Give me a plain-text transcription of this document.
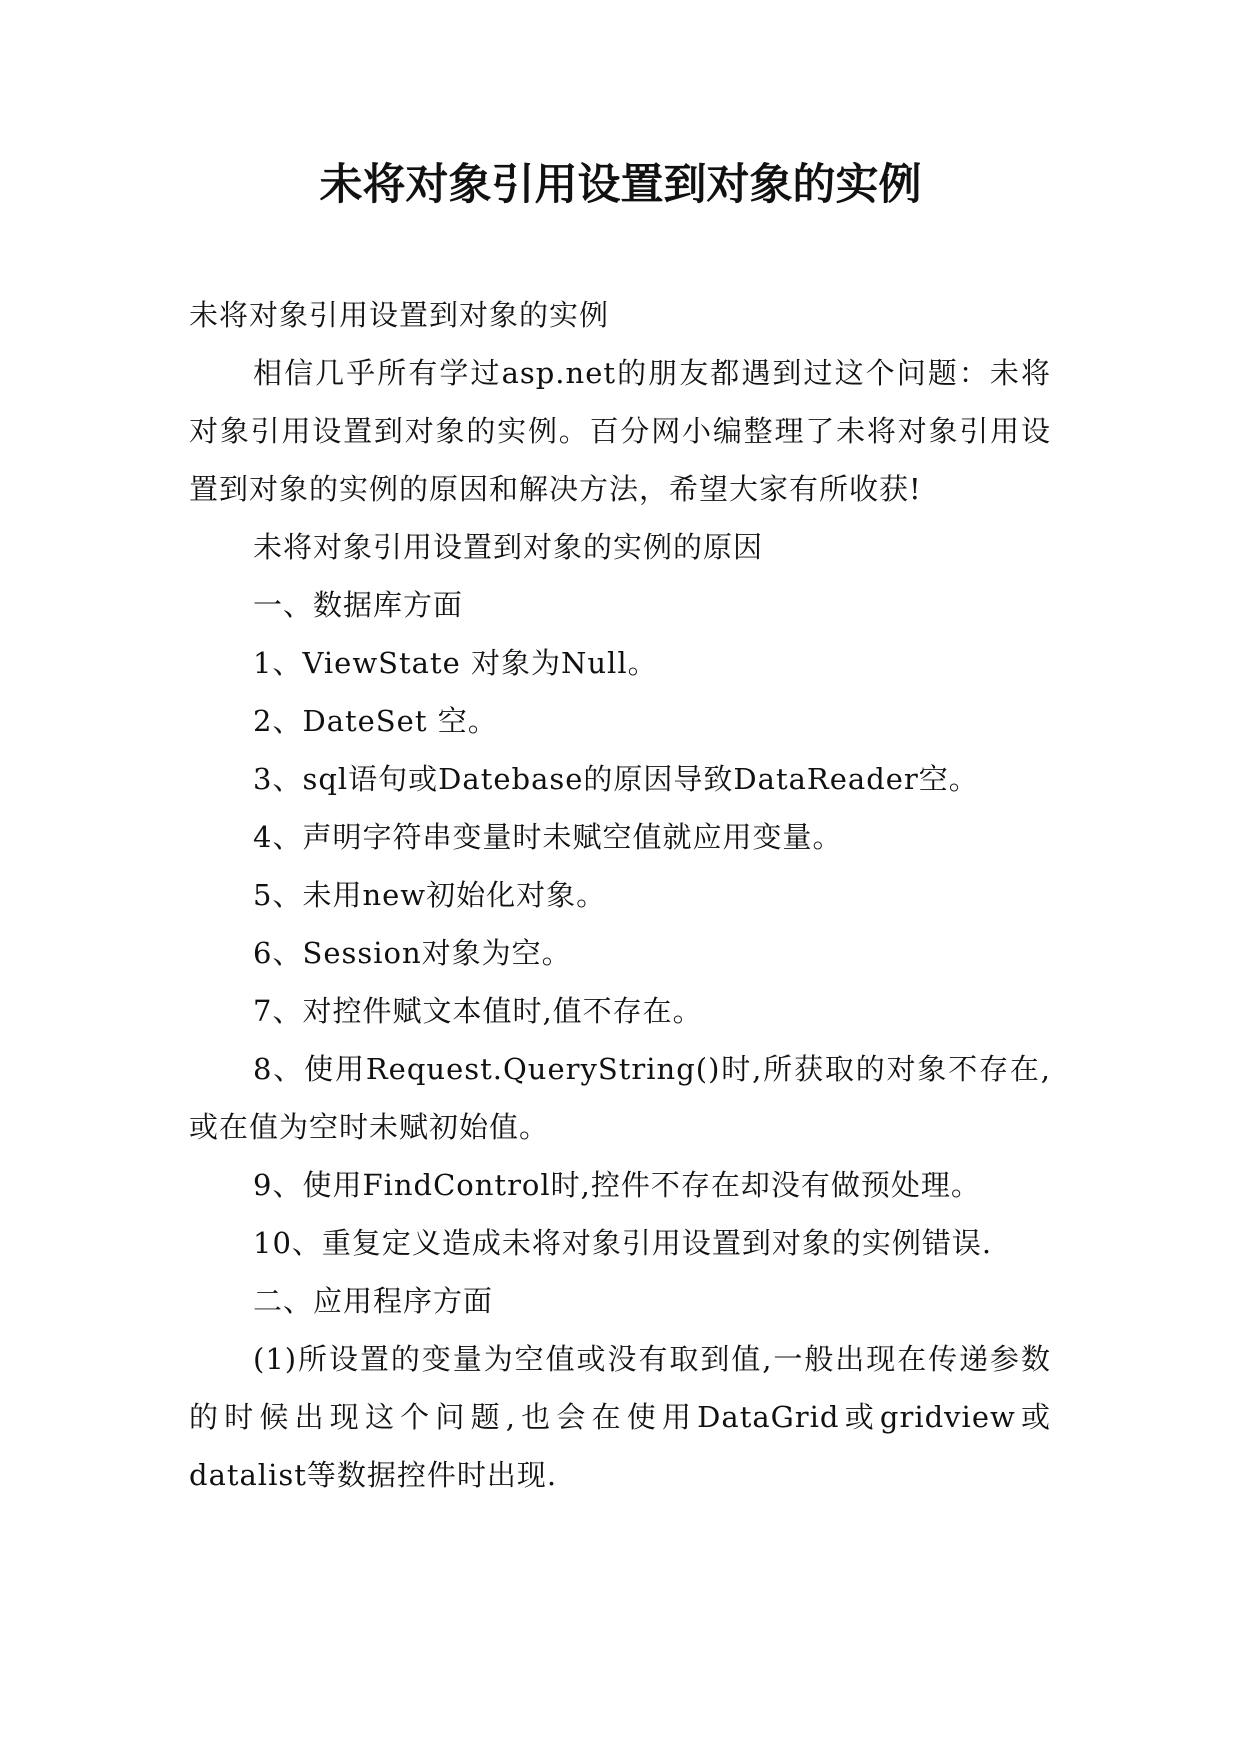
未将对象引用设置到对象的实例

未将对象引用设置到对象的实例

相信几乎所有学过asp.net的朋友都遇到过这个问题：未将对象引用设置到对象的实例。百分网小编整理了未将对象引用设置到对象的实例的原因和解决方法，希望大家有所收获!

未将对象引用设置到对象的实例的原因

一、数据库方面

1、ViewState 对象为Null。

2、DateSet 空。

3、sql语句或Datebase的原因导致DataReader空。

4、声明字符串变量时未赋空值就应用变量。

5、未用new初始化对象。

6、Session对象为空。

7、对控件赋文本值时,值不存在。

8、使用Request.QueryString()时,所获取的对象不存在,或在值为空时未赋初始值。

9、使用FindControl时,控件不存在却没有做预处理。

10、重复定义造成未将对象引用设置到对象的实例错误.

二、应用程序方面

(1)所设置的变量为空值或没有取到值,一般出现在传递参数的时候出现这个问题,也会在使用DataGrid或gridview或datalist等数据控件时出现.
